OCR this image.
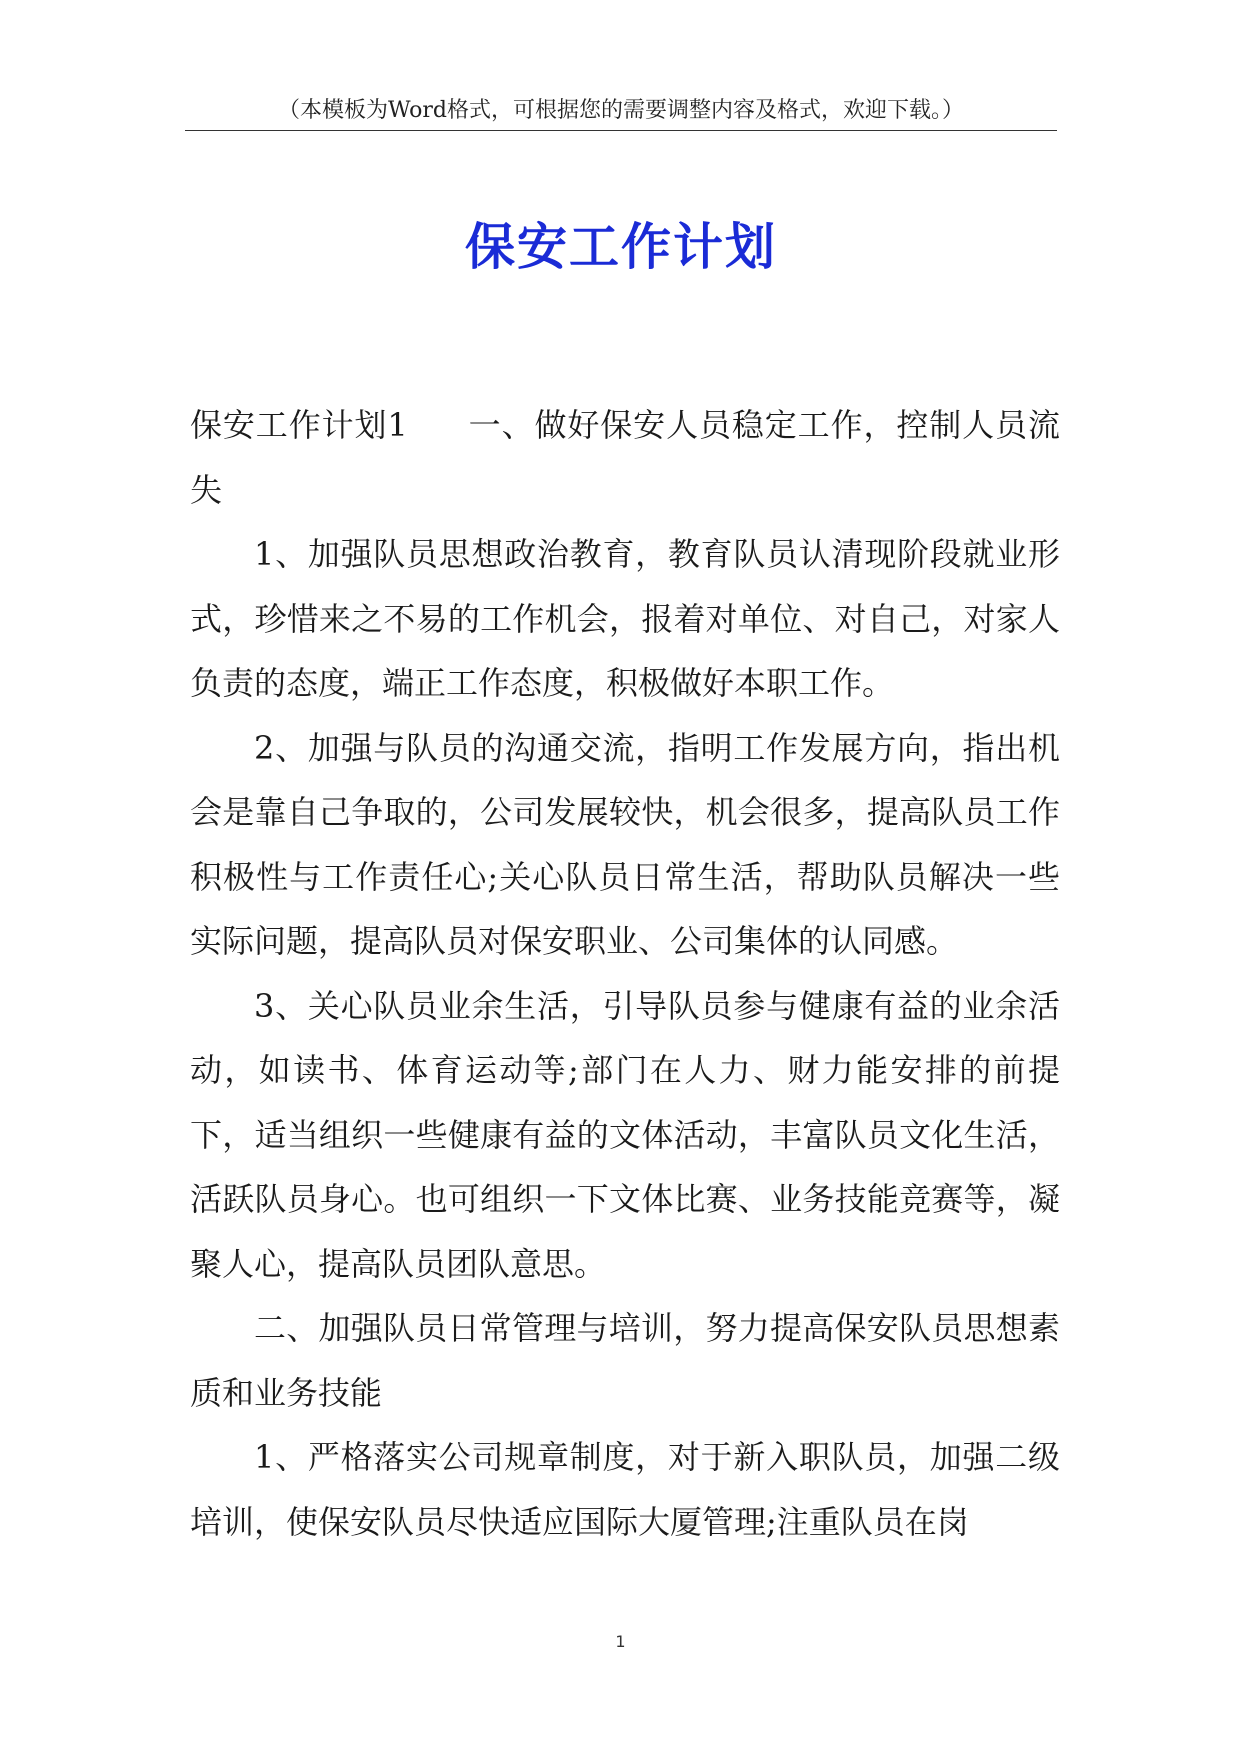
（本模板为Word格式，可根据您的需要调整内容及格式，欢迎下载。）
保安工作计划

保安工作计划1 一、做好保安人员稳定工作，控制人员流失

1、加强队员思想政治教育，教育队员认清现阶段就业形式，珍惜来之不易的工作机会，报着对单位、对自己，对家人负责的态度，端正工作态度，积极做好本职工作。

2、加强与队员的沟通交流，指明工作发展方向，指出机会是靠自己争取的，公司发展较快，机会很多，提高队员工作积极性与工作责任心;关心队员日常生活，帮助队员解决一些实际问题，提高队员对保安职业、公司集体的认同感。

3、关心队员业余生活，引导队员参与健康有益的业余活动，如读书、体育运动等;部门在人力、财力能安排的前提下，适当组织一些健康有益的文体活动，丰富队员文化生活，活跃队员身心。也可组织一下文体比赛、业务技能竞赛等，凝聚人心，提高队员团队意思。

二、加强队员日常管理与培训，努力提高保安队员思想素质和业务技能

1、严格落实公司规章制度，对于新入职队员，加强二级培训，使保安队员尽快适应国际大厦管理;注重队员在岗

1
